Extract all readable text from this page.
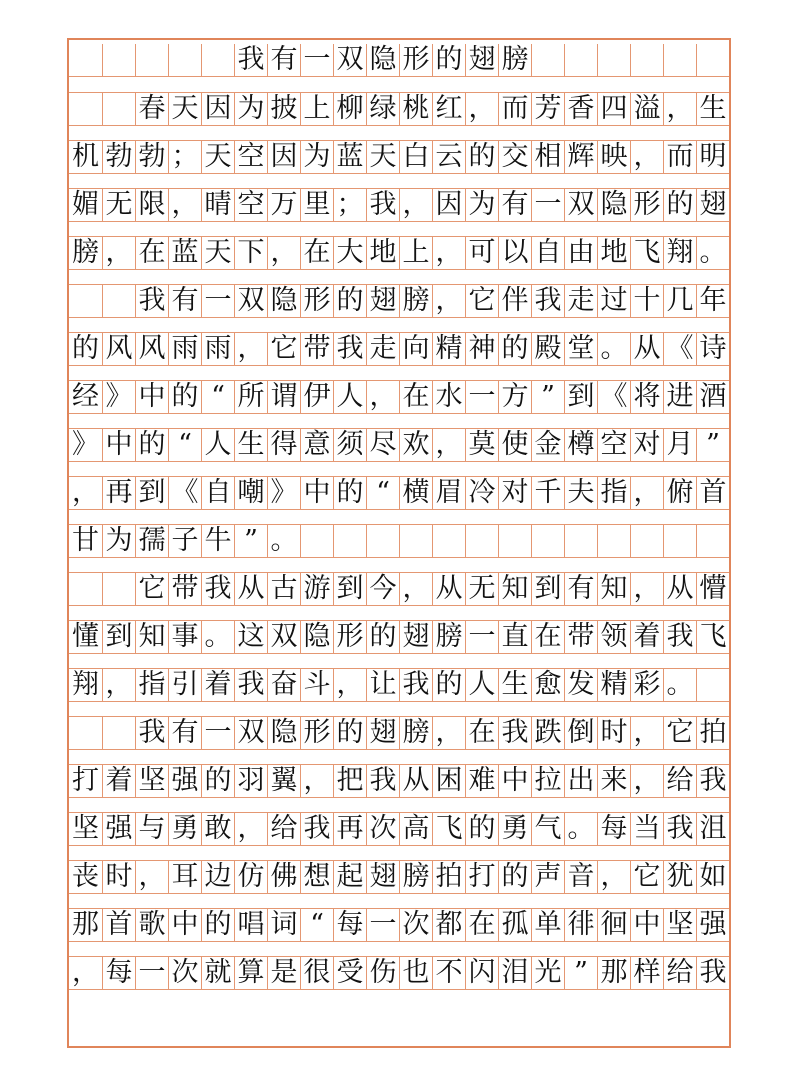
我 有 一 双 隐 形 的 翅 膀
春 天 因 为 披 上 柳 绿 桃 红 ， 而 芳 香 四 溢 ， 生
机 勃 勃 ； 天 空 因 为 蓝 天 白 云 的 交 相 辉 映 ， 而 明
媚 无 限 ， 晴 空 万 里 ； 我 ， 因 为 有 一 双 隐 形 的 翅
膀 ， 在 蓝 天 下 ， 在 大 地 上 ， 可 以 自 由 地 飞 翔 。
我 有 一 双 隐 形 的 翅 膀 ， 它 伴 我 走 过 十 几 年
的 风 风 雨 雨 ， 它 带 我 走 向 精 神 的 殿 堂 。 从 《 诗
经 》 中 的 “ 所 谓 伊 人 ， 在 水 一 方 ” 到 《 将 进 酒
》 中 的 “ 人 生 得 意 须 尽 欢 ， 莫 使 金 樽 空 对 月 ”
， 再 到 《 自 嘲 》 中 的 “ 横 眉 冷 对 千 夫 指 ， 俯 首
甘 为 孺 子 牛 ” 。
它 带 我 从 古 游 到 今 ， 从 无 知 到 有 知 ， 从 懵
懂 到 知 事 。 这 双 隐 形 的 翅 膀 一 直 在 带 领 着 我 飞
翔 ， 指 引 着 我 奋 斗 ， 让 我 的 人 生 愈 发 精 彩 。
我 有 一 双 隐 形 的 翅 膀 ， 在 我 跌 倒 时 ， 它 拍
打 着 坚 强 的 羽 翼 ， 把 我 从 困 难 中 拉 出 来 ， 给 我
坚 强 与 勇 敢 ， 给 我 再 次 高 飞 的 勇 气 。 每 当 我 沮
丧 时 ， 耳 边 仿 佛 想 起 翅 膀 拍 打 的 声 音 ， 它 犹 如
那 首 歌 中 的 唱 词 “ 每 一 次 都 在 孤 单 徘 徊 中 坚 强
， 每 一 次 就 算 是 很 受 伤 也 不 闪 泪 光 ” 那 样 给 我
